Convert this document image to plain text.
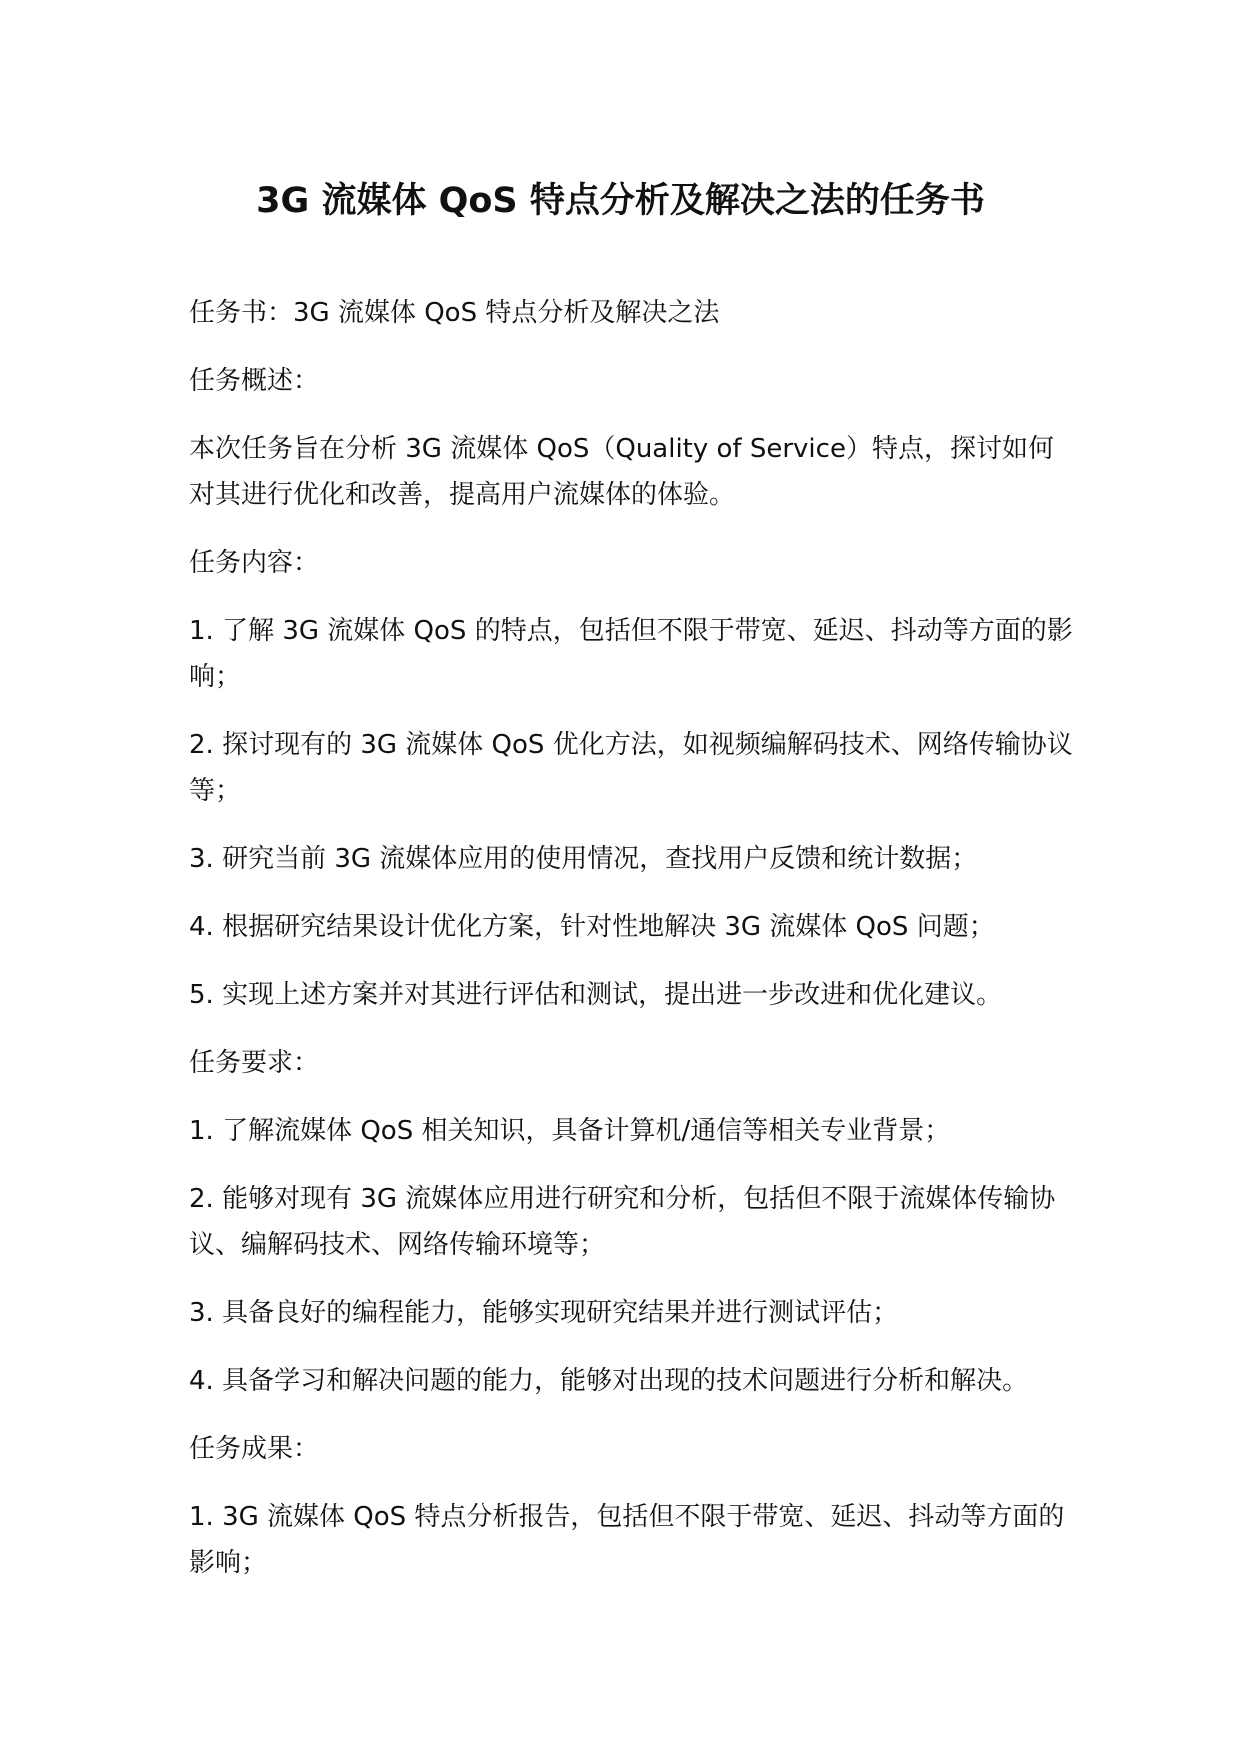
3G 流媒体 QoS 特点分析及解决之法的任务书

任务书：3G 流媒体 QoS 特点分析及解决之法

任务概述：

本次任务旨在分析 3G 流媒体 QoS（Quality of Service）特点，探讨如何对其进行优化和改善，提高用户流媒体的体验。

任务内容：

1. 了解 3G 流媒体 QoS 的特点，包括但不限于带宽、延迟、抖动等方面的影响；

2. 探讨现有的 3G 流媒体 QoS 优化方法，如视频编解码技术、网络传输协议等；

3. 研究当前 3G 流媒体应用的使用情况，查找用户反馈和统计数据；

4. 根据研究结果设计优化方案，针对性地解决 3G 流媒体 QoS 问题；

5. 实现上述方案并对其进行评估和测试，提出进一步改进和优化建议。

任务要求：

1. 了解流媒体 QoS 相关知识，具备计算机/通信等相关专业背景；

2. 能够对现有 3G 流媒体应用进行研究和分析，包括但不限于流媒体传输协议、编解码技术、网络传输环境等；

3. 具备良好的编程能力，能够实现研究结果并进行测试评估；

4. 具备学习和解决问题的能力，能够对出现的技术问题进行分析和解决。

任务成果：

1. 3G 流媒体 QoS 特点分析报告，包括但不限于带宽、延迟、抖动等方面的影响；
